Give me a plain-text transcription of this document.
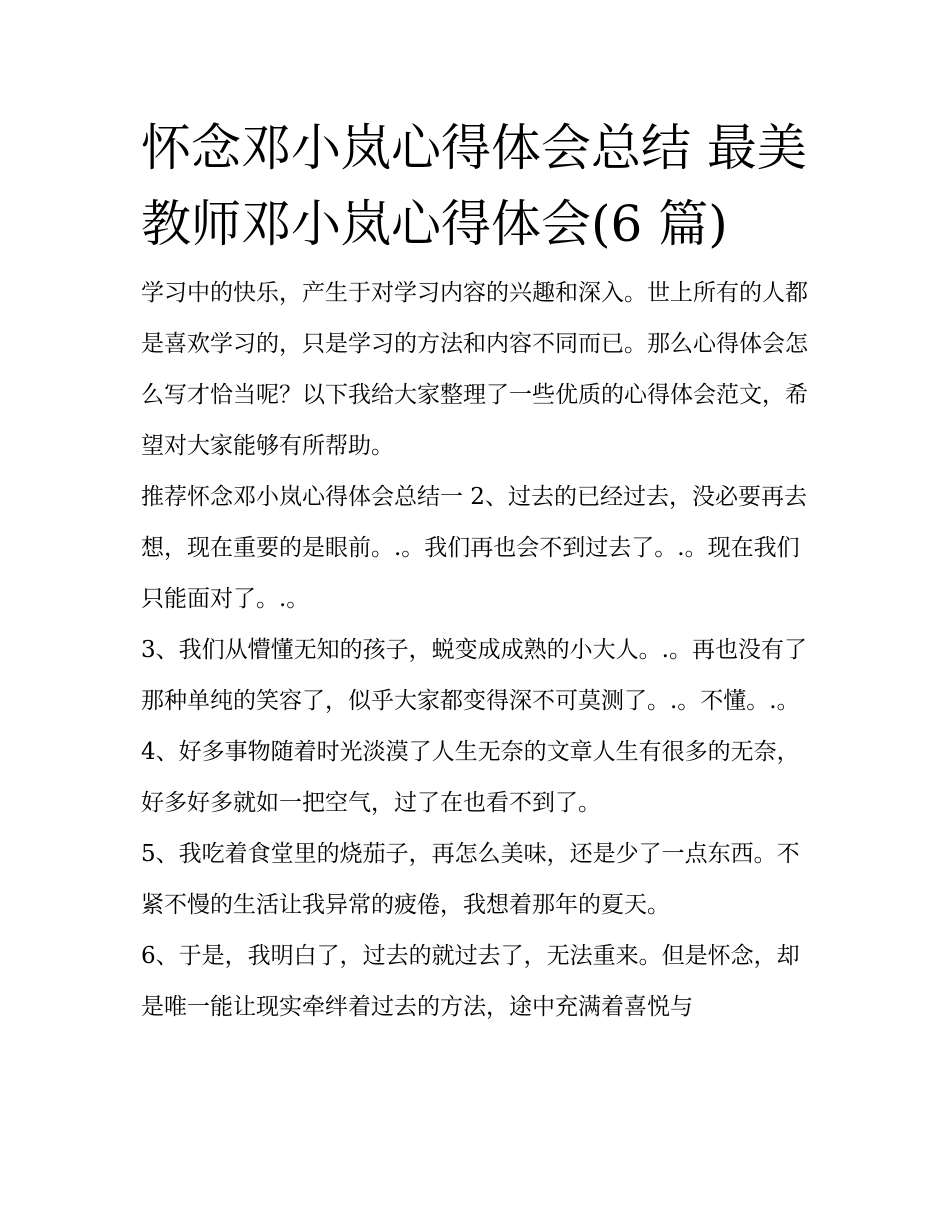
怀念邓小岚心得体会总结 最美
教师邓小岚心得体会(6 篇)

学习中的快乐，产生于对学习内容的兴趣和深入。世上所有的人都是喜欢学习的，只是学习的方法和内容不同而已。那么心得体会怎么写才恰当呢？以下我给大家整理了一些优质的心得体会范文，希望对大家能够有所帮助。

推荐怀念邓小岚心得体会总结一 2、过去的已经过去，没必要再去想，现在重要的是眼前。.。我们再也会不到过去了。.。现在我们只能面对了。.。

3、我们从懵懂无知的孩子，蜕变成成熟的小大人。.。再也没有了那种单纯的笑容了，似乎大家都变得深不可莫测了。.。不懂。.。

4、好多事物随着时光淡漠了人生无奈的文章人生有很多的无奈，好多好多就如一把空气，过了在也看不到了。

5、我吃着食堂里的烧茄子，再怎么美味，还是少了一点东西。不紧不慢的生活让我异常的疲倦，我想着那年的夏天。

6、于是，我明白了，过去的就过去了，无法重来。但是怀念，却是唯一能让现实牵绊着过去的方法，途中充满着喜悦与
